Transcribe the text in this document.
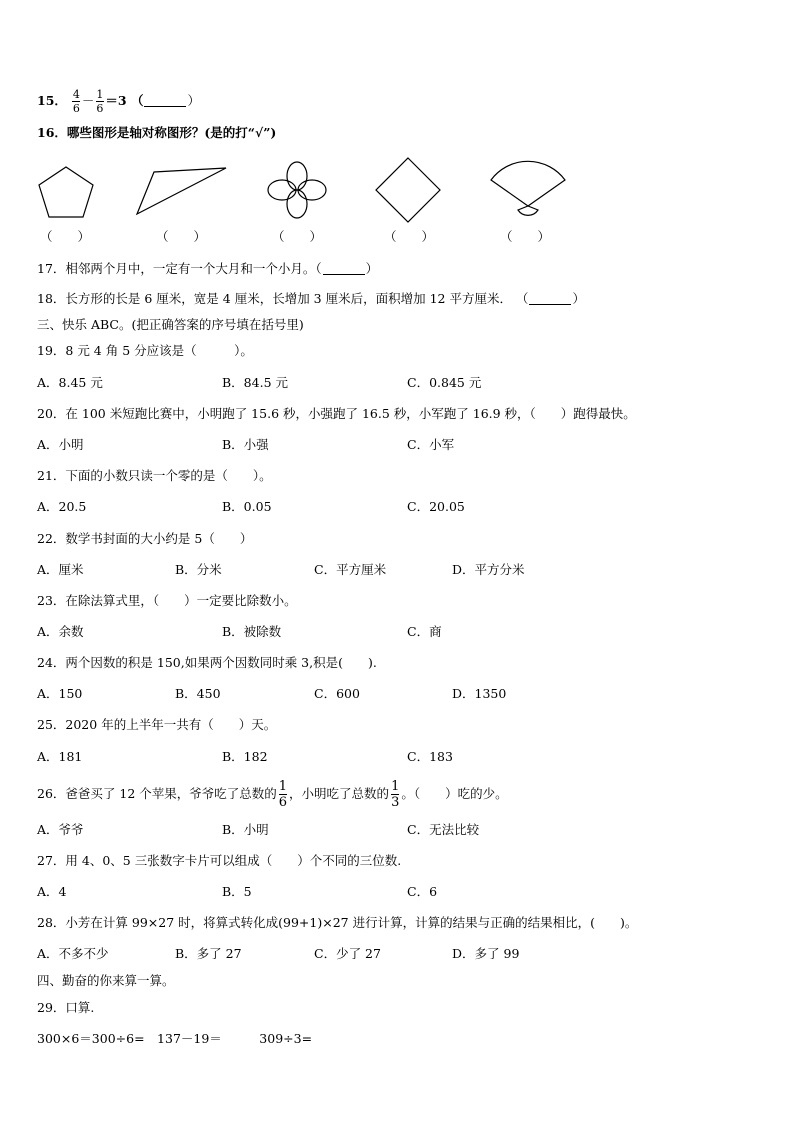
15． $\frac{4}{6} - \frac{1}{6} =3$ （	）
16．哪些图形是轴对称图形？(是的打“√”)
（　　）	（　　）	（　　）	（　　）	（　　）
17．相邻两个月中，一定有一个大月和一个小月。（	）
18．长方形的长是 6 厘米，宽是 4 厘米，长增加 3 厘米后，面积增加 12 平方厘米． （	）
三、快乐 ABC。(把正确答案的序号填在括号里)
19．8 元 4 角 5 分应该是（　　　）。
A．8.45 元	B．84.5 元	C．0.845 元
20．在 100 米短跑比赛中，小明跑了 15.6 秒，小强跑了 16.5 秒，小军跑了 16.9 秒，（　　）跑得最快。
A．小明	B．小强	C．小军
21．下面的小数只读一个零的是（　　）。
A．20.5	B．0.05	C．20.05
22．数学书封面的大小约是 5（　　）
A．厘米	B．分米	C．平方厘米	D．平方分米
23．在除法算式里，（　　）一定要比除数小。
A．余数	B．被除数	C．商
24．两个因数的积是 150,如果两个因数同时乘 3,积是(　　).
A．150	B．450	C．600	D．1350
25．2020 年的上半年一共有（　　）天。
A．181	B．182	C．183
26．爸爸买了 12 个苹果，爷爷吃了总数的 $\frac{1}{6}$ ，小明吃了总数的 $\frac{1}{3}$ 。（　　）吃的少。
A．爷爷	B．小明	C．无法比较
27．用 4、0、5 三张数字卡片可以组成（　　）个不同的三位数.
A．4	B．5	C．6
28．小芳在计算 99×27 时，将算式转化成(99+1)×27 进行计算，计算的结果与正确的结果相比，(　　)。
A．不多不少	B．多了 27	C．少了 27	D．多了 99
四、勤奋的你来算一算。
29．口算.
300×6＝300÷6=　137－19＝　　　309÷3=
